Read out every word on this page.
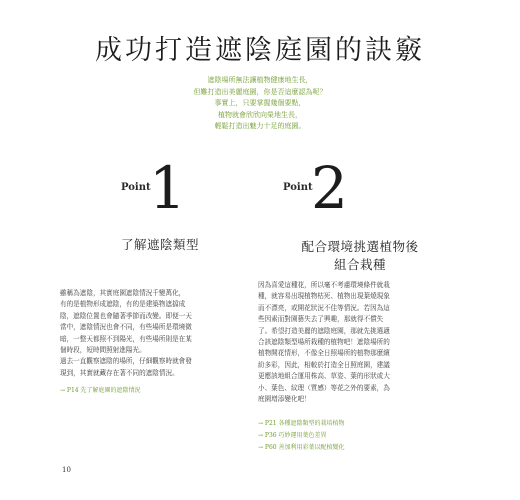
成功打造遮陰庭園的訣竅
遮陰場所無法讓植物健康地生長，
但難打造出美麗庭園，你是否這麼認為呢？
事實上，只要掌握幾個要點，
植物就會欣欣向榮地生長，
輕鬆打造出魅力十足的庭園。
Point
1
了解遮陰類型
雖稱為遮陰，其實庭園遮陰情況千變萬化，
有的是植物形成遮陰，有的是建築物遮擋成
陰，遮陰位置也會隨著季節而改變。即便一天
當中，遮陰情況也會不同，有些場所是環境微
暗，一整天都照不到陽光，有些場所則是在某
個時段，短時間照射進陽光。
過去一直觀察遮陰的場所，仔細觀察時就會發
現到，其實就藏存在著不同的遮陰情況。
→ P14 先了解庭園的遮陰情況
Point
2
配合環境挑選植物後
組合栽種
因為喜愛這種花，所以毫不考慮環境條件就栽
種，就容易出現植物枯死、植物出現葉燒現象
而不漂亮，或開花狀況不佳等情況。若因為這
些因素而對園藝失去了興趣，那就得不償失
了。希望打造美麗的遮陰庭園，那就先挑選適
合該遮陰類型場所栽種的植物吧！遮陰場所的
植物開花情形，不像全日照場所的植物那麼繽
紛多彩，因此，相較於打造全日照庭園，建議
更應該地組合運用株高、草姿、葉的形狀或大
小、葉色、紋理（質感）等花之外的要素，為
庭園增添變化吧！
→ P21 各種遮陰類型的栽培植物
→ P36 巧妙運用葉色差異
→ P60 善加利用彩葉以配植變化
10
